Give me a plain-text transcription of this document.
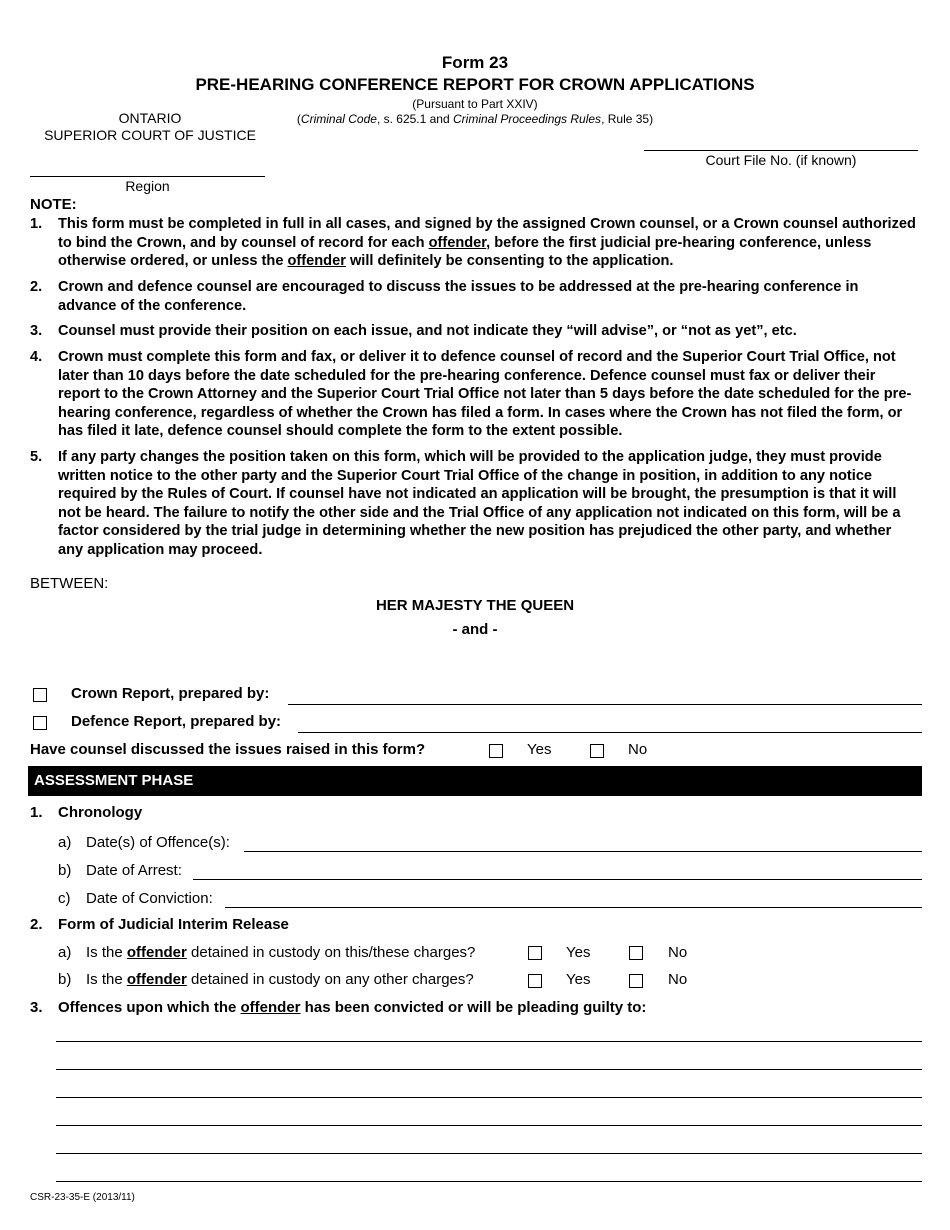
Form 23
PRE-HEARING CONFERENCE REPORT FOR CROWN APPLICATIONS
(Pursuant to Part XXIV)
(Criminal Code, s. 625.1 and Criminal Proceedings Rules, Rule 35)
ONTARIO
SUPERIOR COURT OF JUSTICE
Court File No. (if known)
Region
NOTE:
1. This form must be completed in full in all cases, and signed by the assigned Crown counsel, or a Crown counsel authorized to bind the Crown, and by counsel of record for each offender, before the first judicial pre-hearing conference, unless otherwise ordered, or unless the offender will definitely be consenting to the application.
2. Crown and defence counsel are encouraged to discuss the issues to be addressed at the pre-hearing conference in advance of the conference.
3. Counsel must provide their position on each issue, and not indicate they “will advise”, or “not as yet”, etc.
4. Crown must complete this form and fax, or deliver it to defence counsel of record and the Superior Court Trial Office, not later than 10 days before the date scheduled for the pre-hearing conference. Defence counsel must fax or deliver their report to the Crown Attorney and the Superior Court Trial Office not later than 5 days before the date scheduled for the pre-hearing conference, regardless of whether the Crown has filed a form. In cases where the Crown has not filed the form, or has filed it late, defence counsel should complete the form to the extent possible.
5. If any party changes the position taken on this form, which will be provided to the application judge, they must provide written notice to the other party and the Superior Court Trial Office of the change in position, in addition to any notice required by the Rules of Court. If counsel have not indicated an application will be brought, the presumption is that it will not be heard. The failure to notify the other side and the Trial Office of any application not indicated on this form, will be a factor considered by the trial judge in determining whether the new position has prejudiced the other party, and whether any application may proceed.
BETWEEN:
HER MAJESTY THE QUEEN
- and -
Crown Report, prepared by:
Defence Report, prepared by:
Have counsel discussed the issues raised in this form?	Yes	No
ASSESSMENT PHASE
1. Chronology
a) Date(s) of Offence(s):
b) Date of Arrest:
c) Date of Conviction:
2. Form of Judicial Interim Release
a) Is the offender detained in custody on this/these charges?	Yes	No
b) Is the offender detained in custody on any other charges?	Yes	No
3. Offences upon which the offender has been convicted or will be pleading guilty to:
CSR-23-35-E (2013/11)
